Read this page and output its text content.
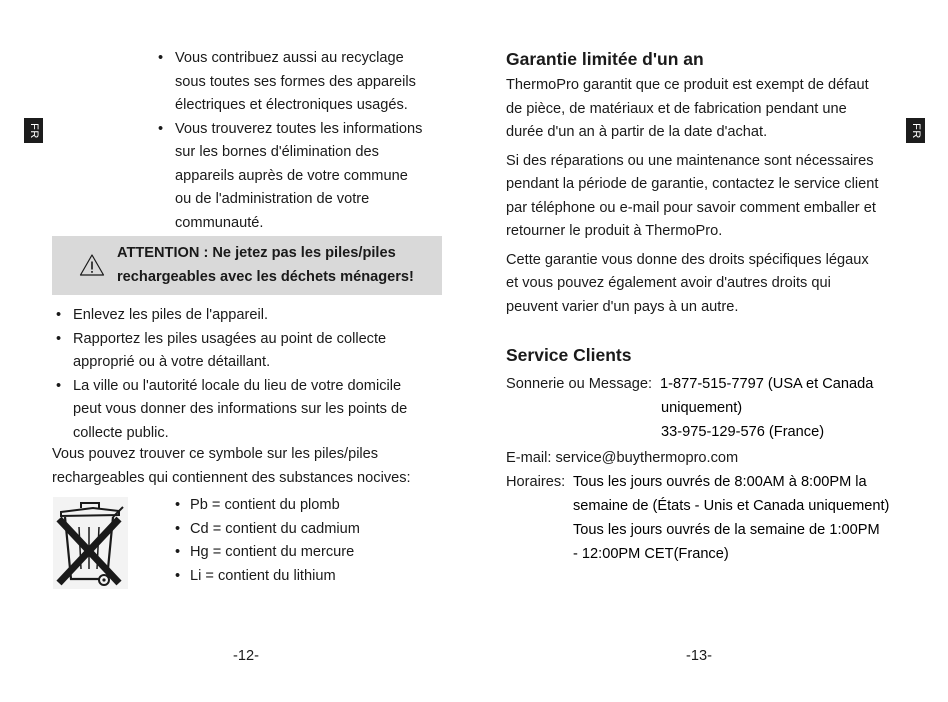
FR
• Vous contribuez aussi au recyclage
sous toutes ses formes des appareils
électriques et électroniques usagés.
• Vous trouverez toutes les informations
sur les bornes d'élimination des
appareils auprès de votre commune
ou de l'administration de votre
communauté.
ATTENTION : Ne jetez pas les piles/piles
rechargeables avec les déchets ménagers!
• Enlevez les piles de l'appareil.
• Rapportez les piles usagées au point de collecte
approprié ou à votre détaillant.
• La ville ou l'autorité locale du lieu de votre domicile
peut vous donner des informations sur les points de
collecte public.
Vous pouvez trouver ce symbole sur les piles/piles
rechargeables qui contiennent des substances nocives:
• Pb = contient du plomb
• Cd = contient du cadmium
• Hg = contient du mercure
• Li = contient du lithium
-12-
FR
Garantie limitée d'un an

ThermoPro garantit que ce produit est exempt de défaut
de pièce, de matériaux et de fabrication pendant une
durée d'un an à partir de la date d'achat.

Si des réparations ou une maintenance sont nécessaires
pendant la période de garantie, contactez le service client
par téléphone ou e-mail pour savoir comment emballer et
retourner le produit à ThermoPro.

Cette garantie vous donne des droits spécifiques légaux
et vous pouvez également avoir d'autres droits qui
peuvent varier d'un pays à un autre.

Service Clients
Sonnerie ou Message: 1-877-515-7797 (USA et Canada
uniquement)
33-975-129-576 (France)
E-mail: service@buythermopro.com
Horaires: Tous les jours ouvrés de 8:00AM à 8:00PM la
semaine de (États - Unis et Canada uniquement)
Tous les jours ouvrés de la semaine de 1:00PM
- 12:00PM CET(France)
-13-
